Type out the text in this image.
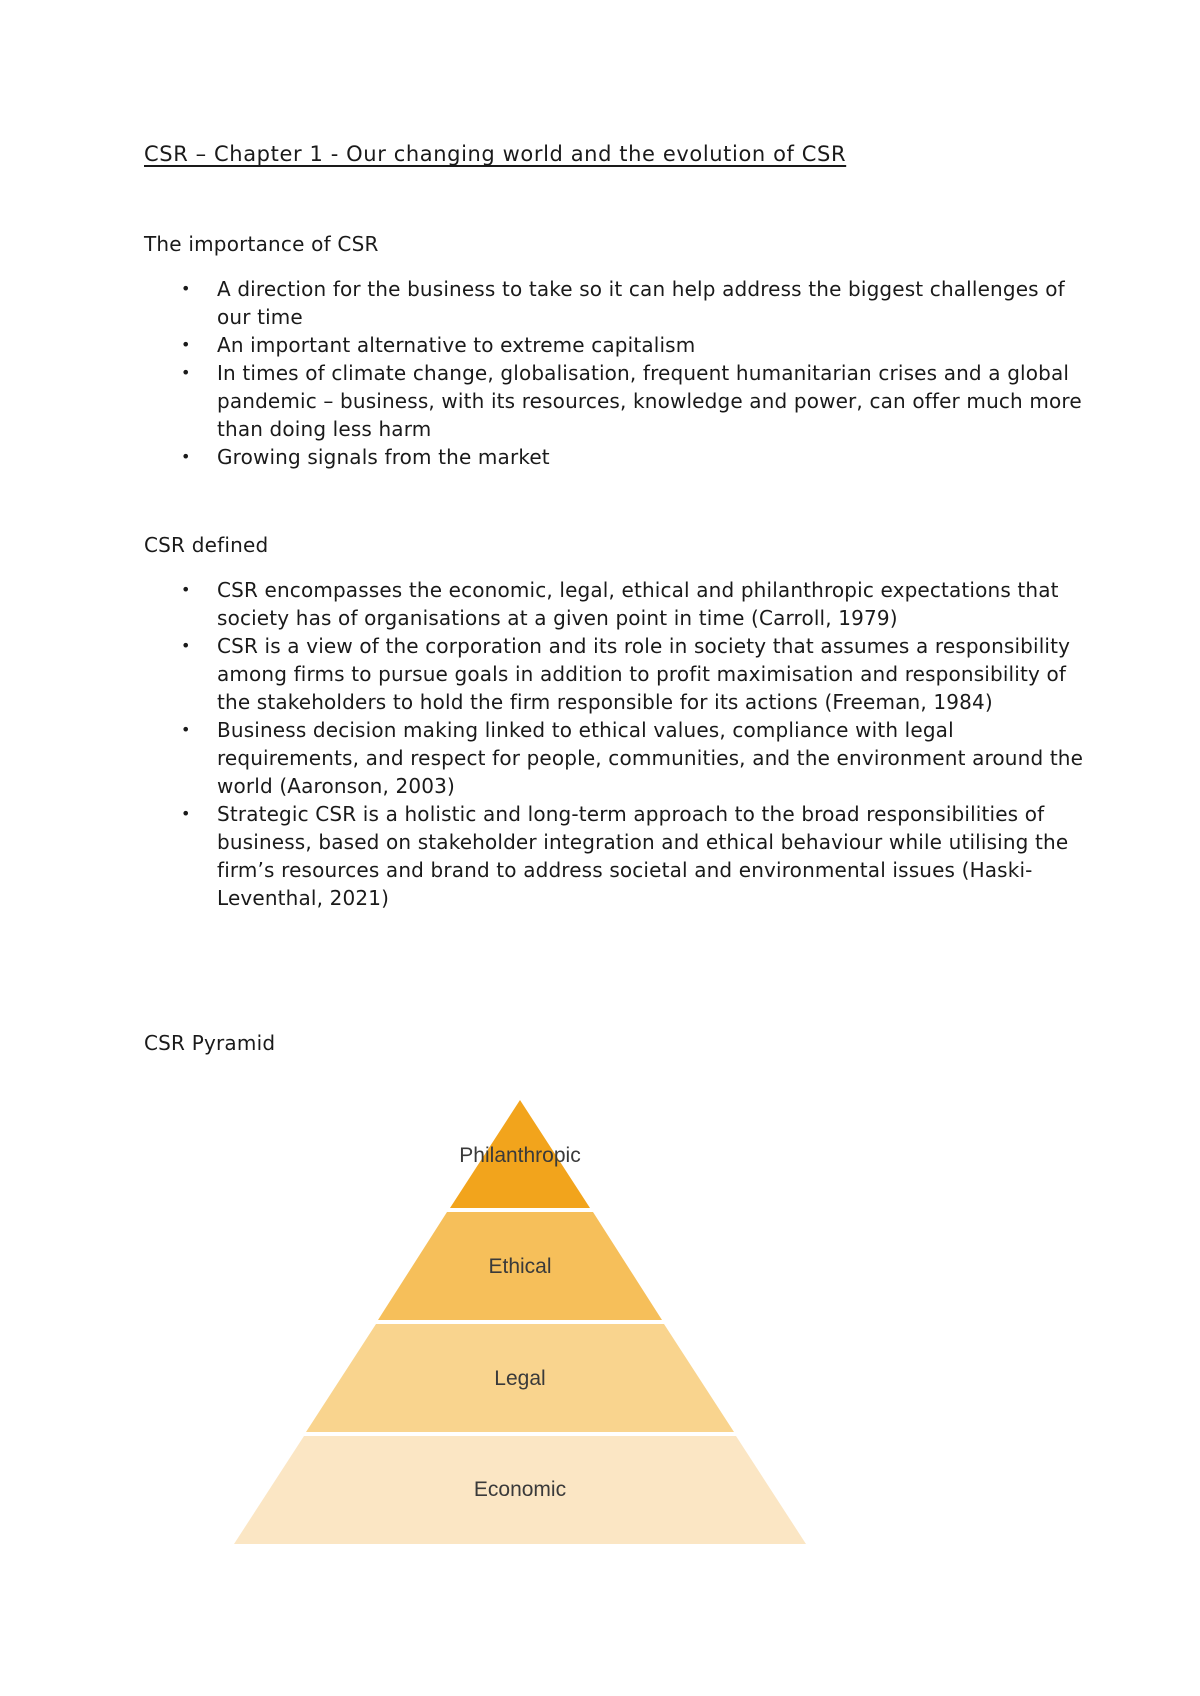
CSR – Chapter 1 - Our changing world and the evolution of CSR
The importance of CSR
• A direction for the business to take so it can help address the biggest challenges of our time
• An important alternative to extreme capitalism
• In times of climate change, globalisation, frequent humanitarian crises and a global pandemic – business, with its resources, knowledge and power, can offer much more than doing less harm
• Growing signals from the market
CSR defined
• CSR encompasses the economic, legal, ethical and philanthropic expectations that society has of organisations at a given point in time (Carroll, 1979)
• CSR is a view of the corporation and its role in society that assumes a responsibility among firms to pursue goals in addition to profit maximisation and responsibility of the stakeholders to hold the firm responsible for its actions (Freeman, 1984)
• Business decision making linked to ethical values, compliance with legal requirements, and respect for people, communities, and the environment around the world (Aaronson, 2003)
• Strategic CSR is a holistic and long-term approach to the broad responsibilities of business, based on stakeholder integration and ethical behaviour while utilising the firm’s resources and brand to address societal and environmental issues (Haski-Leventhal, 2021)
CSR Pyramid
Philanthropic
Ethical
Legal
Economic
